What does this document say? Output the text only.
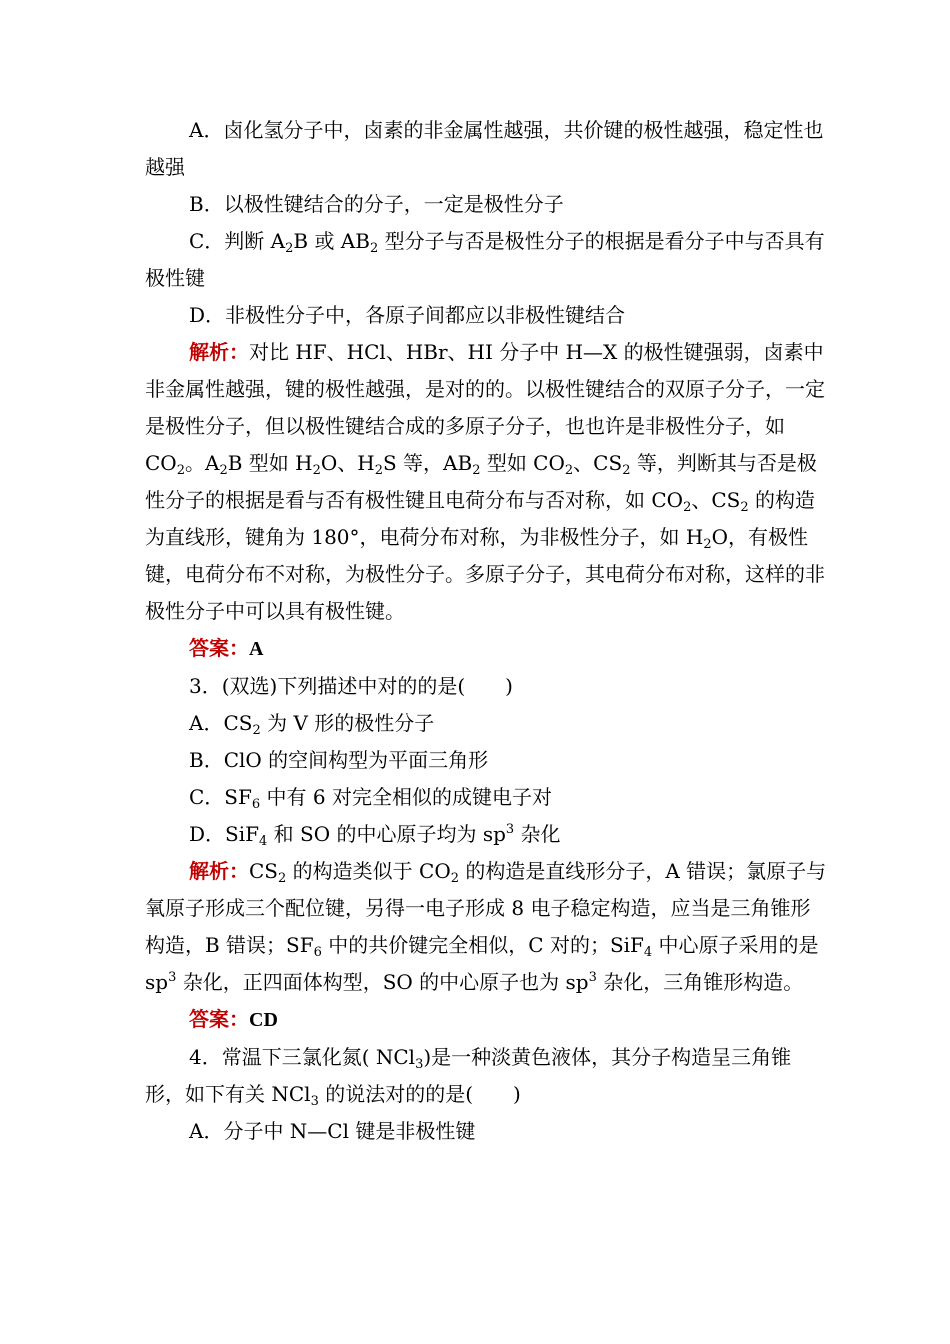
A．卤化氢分子中，卤素的非金属性越强，共价键的极性越强，稳定性也越强

B．以极性键结合的分子，一定是极性分子

C．判断 $A_2B$ 或 $AB_2$ 型分子与否是极性分子的根据是看分子中与否具有极性键

D．非极性分子中，各原子间都应以非极性键结合

解析：对比 HF、HCl、HBr、HI 分子中 H—X 的极性键强弱，卤素中非金属性越强，键的极性越强，是对的的。以极性键结合的双原子分子，一定是极性分子，但以极性键结合成的多原子分子，也也许是非极性分子，如 $CO_2$。$A_2B$ 型如 $H_2O$、$H_2S$ 等，$AB_2$ 型如 $CO_2$、$CS_2$ 等，判断其与否是极性分子的根据是看与否有极性键且电荷分布与否对称，如 $CO_2$、$CS_2$ 的构造为直线形，键角为 180°，电荷分布对称，为非极性分子，如 $H_2O$，有极性键，电荷分布不对称，为极性分子。多原子分子，其电荷分布对称，这样的非极性分子中可以具有极性键。

答案：A

3．(双选)下列描述中对的的是(　　)

A．$CS_2$ 为 V 形的极性分子

B．ClO 的空间构型为平面三角形

C．$SF_6$ 中有 6 对完全相似的成键电子对

D．SiF$_4$ 和 SO 的中心原子均为 $sp^3$ 杂化

解析：$CS_2$ 的构造类似于 $CO_2$ 的构造是直线形分子，A 错误；氯原子与氧原子形成三个配位键，另得一电子形成 8 电子稳定构造，应当是三角锥形构造，B 错误；$SF_6$ 中的共价键完全相似，C 对的；SiF$_4$ 中心原子采用的是 $sp^3$ 杂化，正四面体构型，SO 的中心原子也为 $sp^3$ 杂化，三角锥形构造。

答案：CD

4．常温下三氯化氮( NCl$_3$)是一种淡黄色液体，其分子构造呈三角锥形，如下有关 NCl$_3$ 的说法对的的是(　　)

A．分子中 N—Cl 键是非极性键
